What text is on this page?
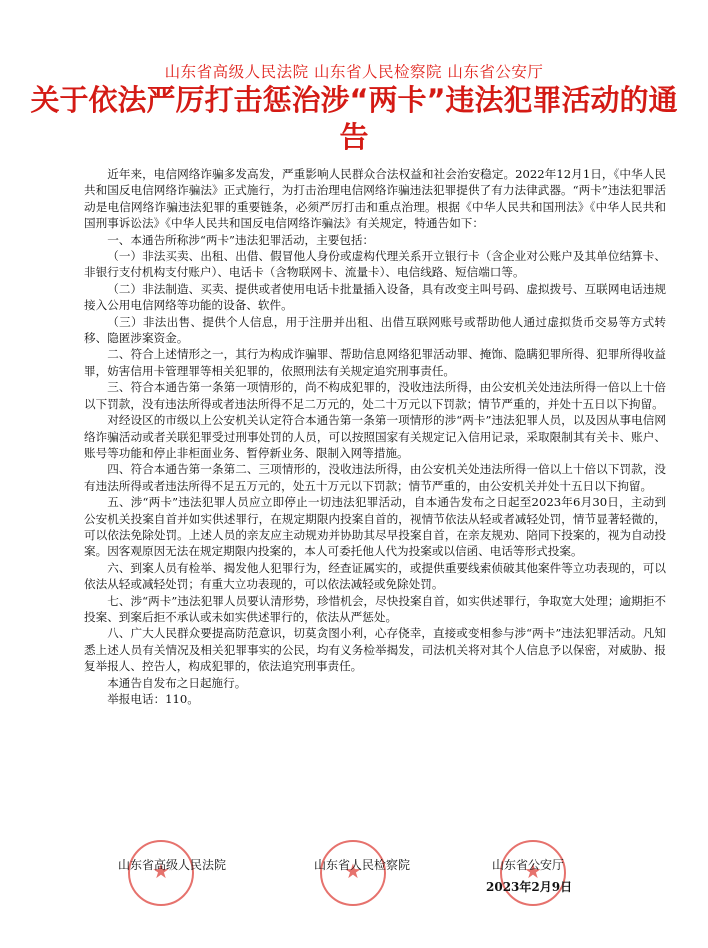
山东省高级人民法院 山东省人民检察院 山东省公安厅
关于依法严厉打击惩治涉“两卡”违法犯罪活动的通告

近年来，电信网络诈骗多发高发，严重影响人民群众合法权益和社会治安稳定。2022年12月1日，《中华人民共和国反电信网络诈骗法》正式施行，为打击治理电信网络诈骗违法犯罪提供了有力法律武器。“两卡”违法犯罪活动是电信网络诈骗违法犯罪的重要链条，必须严厉打击和重点治理。根据《中华人民共和国刑法》《中华人民共和国刑事诉讼法》《中华人民共和国反电信网络诈骗法》有关规定，特通告如下：

一、本通告所称涉“两卡”违法犯罪活动，主要包括：

（一）非法买卖、出租、出借、假冒他人身份或虚构代理关系开立银行卡（含企业对公账户及其单位结算卡、非银行支付机构支付账户）、电话卡（含物联网卡、流量卡）、电信线路、短信端口等。

（二）非法制造、买卖、提供或者使用电话卡批量插入设备，具有改变主叫号码、虚拟拨号、互联网电话违规接入公用电信网络等功能的设备、软件。

（三）非法出售、提供个人信息，用于注册并出租、出借互联网账号或帮助他人通过虚拟货币交易等方式转移、隐匿涉案资金。

二、符合上述情形之一，其行为构成诈骗罪、帮助信息网络犯罪活动罪、掩饰、隐瞒犯罪所得、犯罪所得收益罪，妨害信用卡管理罪等相关犯罪的，依照刑法有关规定追究刑事责任。

三、符合本通告第一条第一项情形的，尚不构成犯罪的，没收违法所得，由公安机关处违法所得一倍以上十倍以下罚款，没有违法所得或者违法所得不足二万元的，处二十万元以下罚款；情节严重的，并处十五日以下拘留。

对经设区的市级以上公安机关认定符合本通告第一条第一项情形的涉“两卡”违法犯罪人员，以及因从事电信网络诈骗活动或者关联犯罪受过刑事处罚的人员，可以按照国家有关规定记入信用记录，采取限制其有关卡、账户、账号等功能和停止非柜面业务、暂停新业务、限制入网等措施。

四、符合本通告第一条第二、三项情形的，没收违法所得，由公安机关处违法所得一倍以上十倍以下罚款，没有违法所得或者违法所得不足五万元的，处五十万元以下罚款；情节严重的，由公安机关并处十五日以下拘留。

五、涉“两卡”违法犯罪人员应立即停止一切违法犯罪活动，自本通告发布之日起至2023年6月30日，主动到公安机关投案自首并如实供述罪行，在规定期限内投案自首的，视情节依法从轻或者减轻处罚，情节显著轻微的，可以依法免除处罚。上述人员的亲友应主动规劝并协助其尽早投案自首，在亲友规劝、陪同下投案的，视为自动投案。因客观原因无法在规定期限内投案的，本人可委托他人代为投案或以信函、电话等形式投案。

六、到案人员有检举、揭发他人犯罪行为，经查证属实的，或提供重要线索侦破其他案件等立功表现的，可以依法从轻或减轻处罚；有重大立功表现的，可以依法减轻或免除处罚。

七、涉“两卡”违法犯罪人员要认清形势，珍惜机会，尽快投案自首，如实供述罪行，争取宽大处理；逾期拒不投案、到案后拒不承认或未如实供述罪行的，依法从严惩处。

八、广大人民群众要提高防范意识，切莫贪图小利，心存侥幸，直接或变相参与涉“两卡”违法犯罪活动。凡知悉上述人员有关情况及相关犯罪事实的公民，均有义务检举揭发，司法机关将对其个人信息予以保密，对威胁、报复举报人、控告人，构成犯罪的，依法追究刑事责任。

本通告自发布之日起施行。

举报电话：110。

★
★
★
山东省高级人民法院	山东省人民检察院	山东省公安厅
2023年2月9日
